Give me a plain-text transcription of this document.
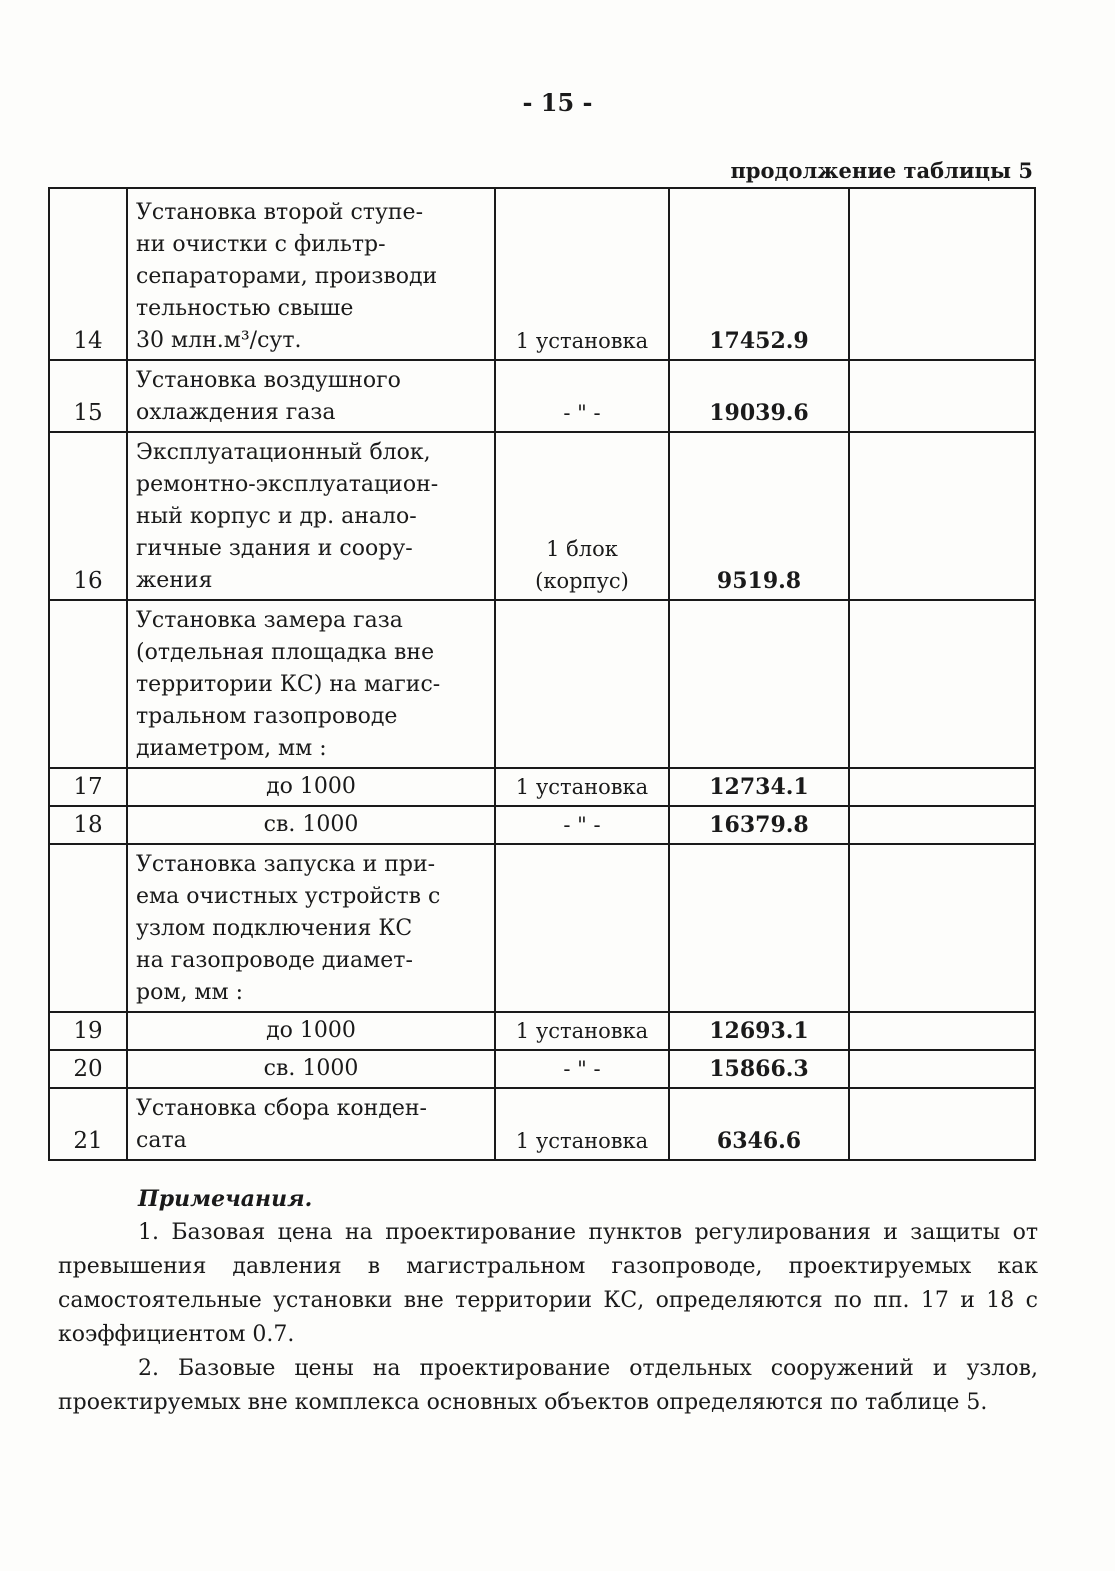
- 15 -
продолжение таблицы 5
14	Установка второй ступе-
ни очистки с фильтр-
сепараторами, производи
тельностью свыше
30 млн.м³/сут.	1 установка	17452.9	

15	Установка воздушного
охлаждения газа	- " -	19039.6	

16	Эксплуатационный блок,
ремонтно-эксплуатацион-
ный корпус и др. анало-
гичные здания и соору-
жения	1 блок
(корпус)	9519.8	

	Установка замера газа
(отдельная площадка вне
территории КС) на магис-
тральном газопроводе
диаметром, мм :			

17	до 1000	1 установка	12734.1	

18	св. 1000	- " -	16379.8	

	Установка запуска и при-
ема очистных устройств с
узлом подключения КС
на газопроводе диамет-
ром, мм :			

19	до 1000	1 установка	12693.1	

20	св. 1000	- " -	15866.3	

21	Установка сбора конден-
сата	1 установка	6346.6	

Примечания.

1. Базовая цена на проектирование пунктов регулирования и защиты от превышения давления в магистральном газопроводе, проектируемых как самостоятельные установки вне территории КС, определяются по пп. 17 и 18 с коэффициентом 0.7.

2. Базовые цены на проектирование отдельных сооружений и узлов, проектируемых вне комплекса основных объектов определяются по таблице 5.
